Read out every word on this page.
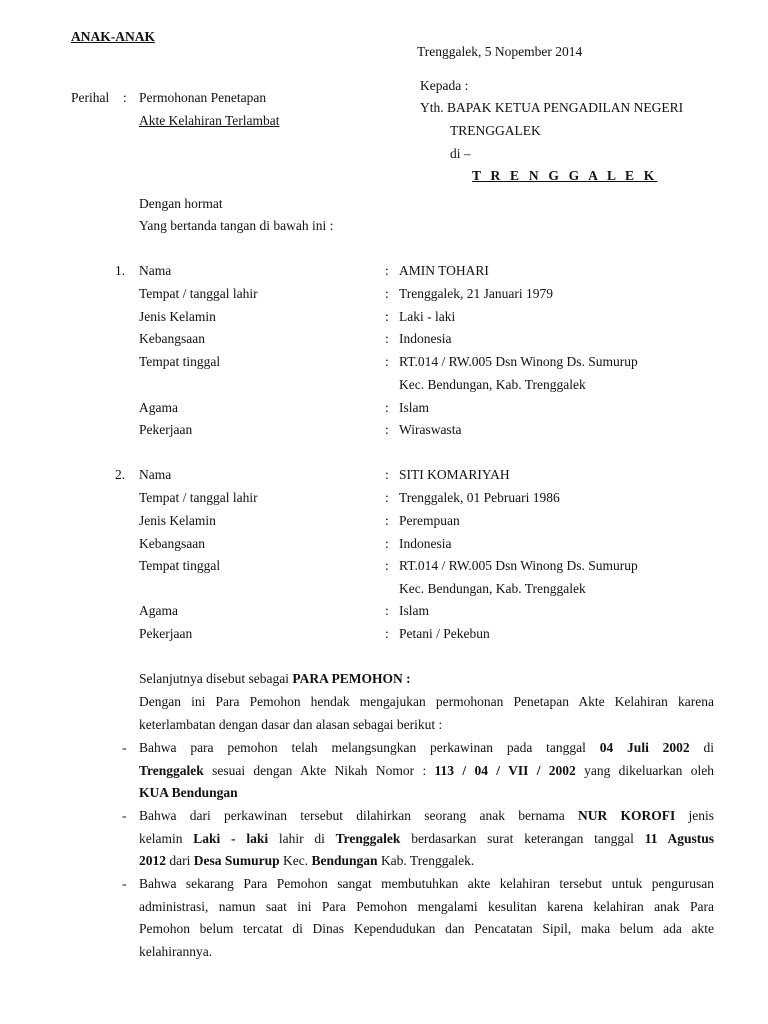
ANAK-ANAK
Trenggalek, 5 Nopember 2014
Kepada :
Yth. BAPAK KETUA PENGADILAN NEGERI
TRENGGALEK
di –
T R E N G G A L E K
Perihal : Permohonan Penetapan
Akte Kelahiran Terlambat
Dengan hormat
Yang bertanda tangan di bawah ini :
1. Nama	: AMIN TOHARI
Tempat / tanggal lahir	: Trenggalek, 21 Januari 1979
Jenis Kelamin	: Laki - laki
Kebangsaan	: Indonesia
Tempat tinggal	: RT.014 / RW.005 Dsn Winong Ds. Sumurup
Kec. Bendungan, Kab. Trenggalek
Agama	: Islam
Pekerjaan	: Wiraswasta
2. Nama	: SITI KOMARIYAH
Tempat / tanggal lahir	: Trenggalek, 01 Pebruari 1986
Jenis Kelamin	: Perempuan
Kebangsaan	: Indonesia
Tempat tinggal	: RT.014 / RW.005 Dsn Winong Ds. Sumurup
Kec. Bendungan, Kab. Trenggalek
Agama	: Islam
Pekerjaan	: Petani / Pekebun
Selanjutnya disebut sebagai PARA PEMOHON :
Dengan ini Para Pemohon hendak mengajukan permohonan Penetapan Akte Kelahiran karena
keterlambatan dengan dasar dan alasan sebagai berikut :
- Bahwa para pemohon telah melangsungkan perkawinan pada tanggal 04 Juli 2002 di
Trenggalek sesuai dengan Akte Nikah Nomor : 113 / 04 / VII / 2002 yang dikeluarkan oleh
KUA Bendungan
- Bahwa dari perkawinan tersebut dilahirkan seorang anak bernama NUR KOROFI jenis
kelamin Laki - laki lahir di Trenggalek berdasarkan surat keterangan tanggal 11 Agustus
2012 dari Desa Sumurup Kec. Bendungan Kab. Trenggalek.
- Bahwa sekarang Para Pemohon sangat membutuhkan akte kelahiran tersebut untuk pengurusan
administrasi, namun saat ini Para Pemohon mengalami kesulitan karena kelahiran anak Para
Pemohon belum tercatat di Dinas Kependudukan dan Pencatatan Sipil, maka belum ada akte
kelahirannya.
